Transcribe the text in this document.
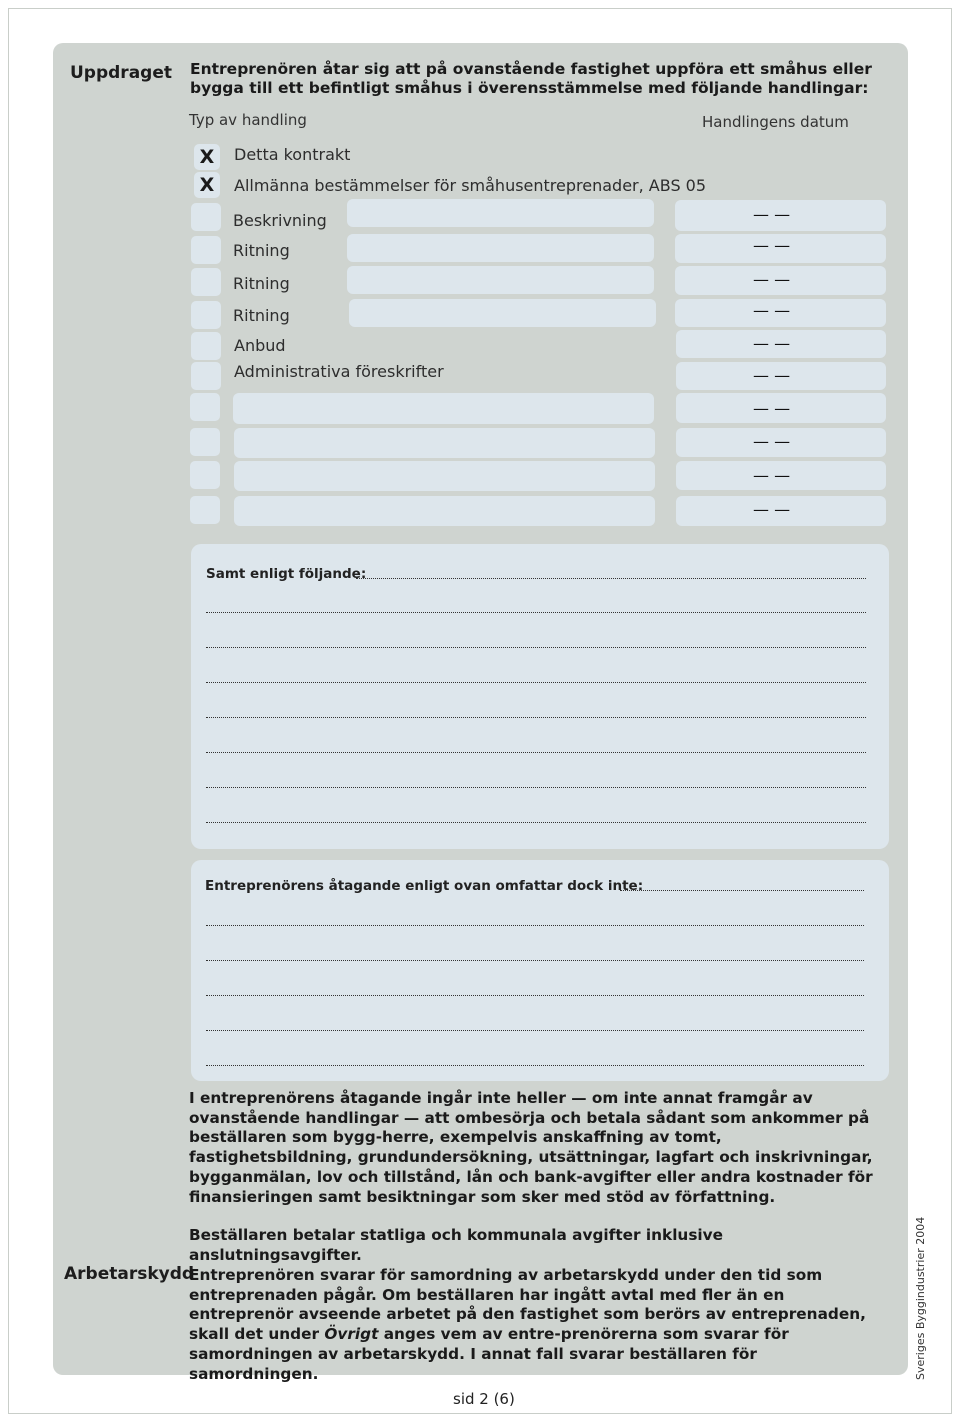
Uppdraget Entreprenören åtar sig att på ovanstående fastighet uppföra ett småhus eller bygga till ett befintligt småhus i överensstämmelse med följande handlingar:
Typ av handling	Handlingens datum
X	Detta kontrakt
X	Allmänna bestämmelser för småhusentreprenader, ABS 05
Beskrivning	— —
Ritning	— —
Ritning	— —
Ritning	— —
Anbud	— —
Administrativa föreskrifter	— —
— —
— —
— —
— —
Samt enligt följande:
Entreprenörens åtagande enligt ovan omfattar dock inte:
I entreprenörens åtagande ingår inte heller — om inte annat framgår av ovanstående handlingar — att ombesörja och betala sådant som ankommer på beställaren som bygg-herre, exempelvis anskaffning av tomt, fastighetsbildning, grundundersökning, utsättningar, lagfart och inskrivningar, bygganmälan, lov och tillstånd, lån och bank-avgifter eller andra kostnader för finansieringen samt besiktningar som sker med stöd av författning.
Beställaren betalar statliga och kommunala avgifter inklusive anslutningsavgifter.
Arbetarskydd
Entreprenören svarar för samordning av arbetarskydd under den tid som entreprenaden pågår. Om beställaren har ingått avtal med fler än en entreprenör avseende arbetet på den fastighet som berörs av entreprenaden, skall det under Övrigt anges vem av entre-prenörerna som svarar för samordningen av arbetarskydd. I annat fall svarar beställaren för samordningen.
sid 2 (6)
Sveriges Byggindustrier 2004
